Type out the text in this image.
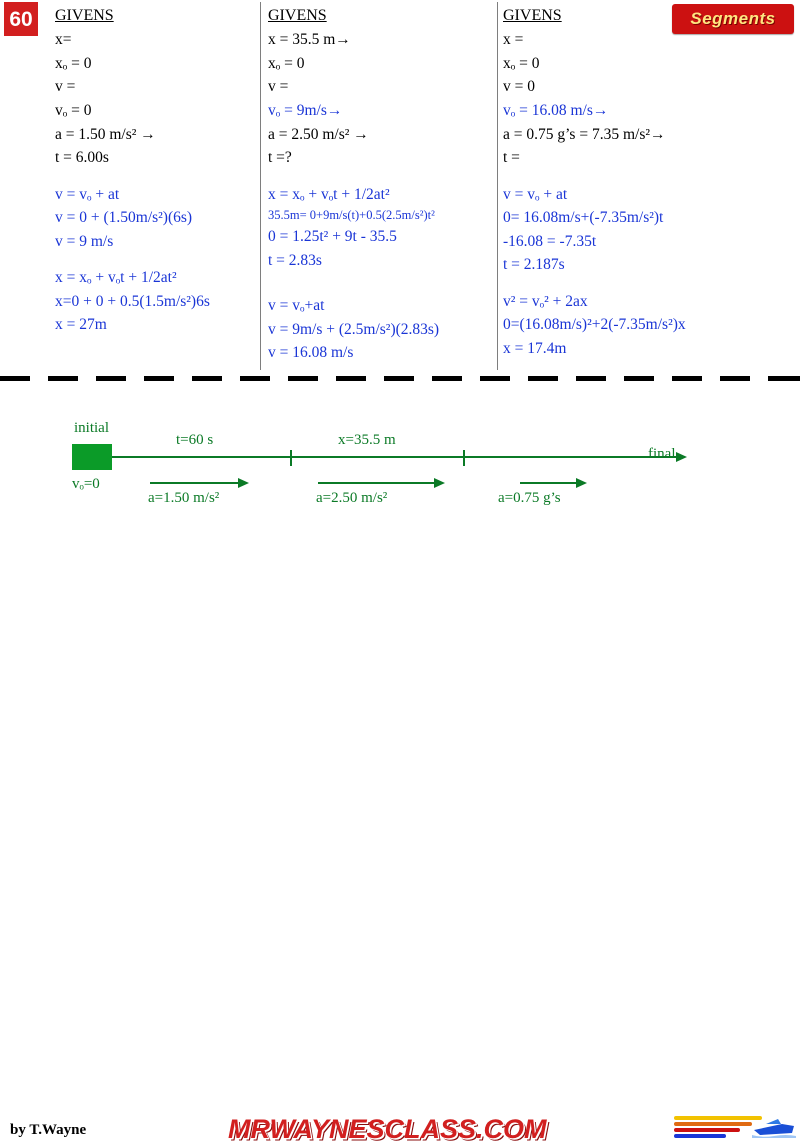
60	Segments
GIVENS
x=
xₒ = 0
v =
vₒ = 0
a = 1.50 m/s² →
t = 6.00s
v = vₒ + at
v = 0 + (1.50m/s²)(6s)
v = 9 m/s
x = xₒ + vₒt + 1/2at²
x=0 + 0 + 0.5(1.5m/s²)6s
x = 27m
GIVENS
x = 35.5 m→
xₒ = 0
v =
vₒ = 9m/s→
a = 2.50 m/s² →
t =?
x = xₒ + vₒt + 1/2at²
35.5m= 0+9m/s(t)+0.5(2.5m/s²)t²
0 = 1.25t² + 9t - 35.5
t = 2.83s
v = vₒ+at
v = 9m/s + (2.5m/s²)(2.83s)
v = 16.08 m/s
GIVENS
x =
xₒ = 0
v = 0
vₒ = 16.08 m/s→
a = 0.75 g’s = 7.35 m/s²→
t =
v = vₒ + at
0= 16.08m/s+(-7.35m/s²)t
-16.08 = -7.35t
t = 2.187s
v² = vₒ² + 2ax
0=(16.08m/s)²+2(-7.35m/s²)x
x = 17.4m
initial
vₒ=0
final
t=60 s	x=35.5 m
a=1.50 m/s²	a=2.50 m/s²	a=0.75 g’s
by T.Wayne	MRWAYNESCLASS.COM
